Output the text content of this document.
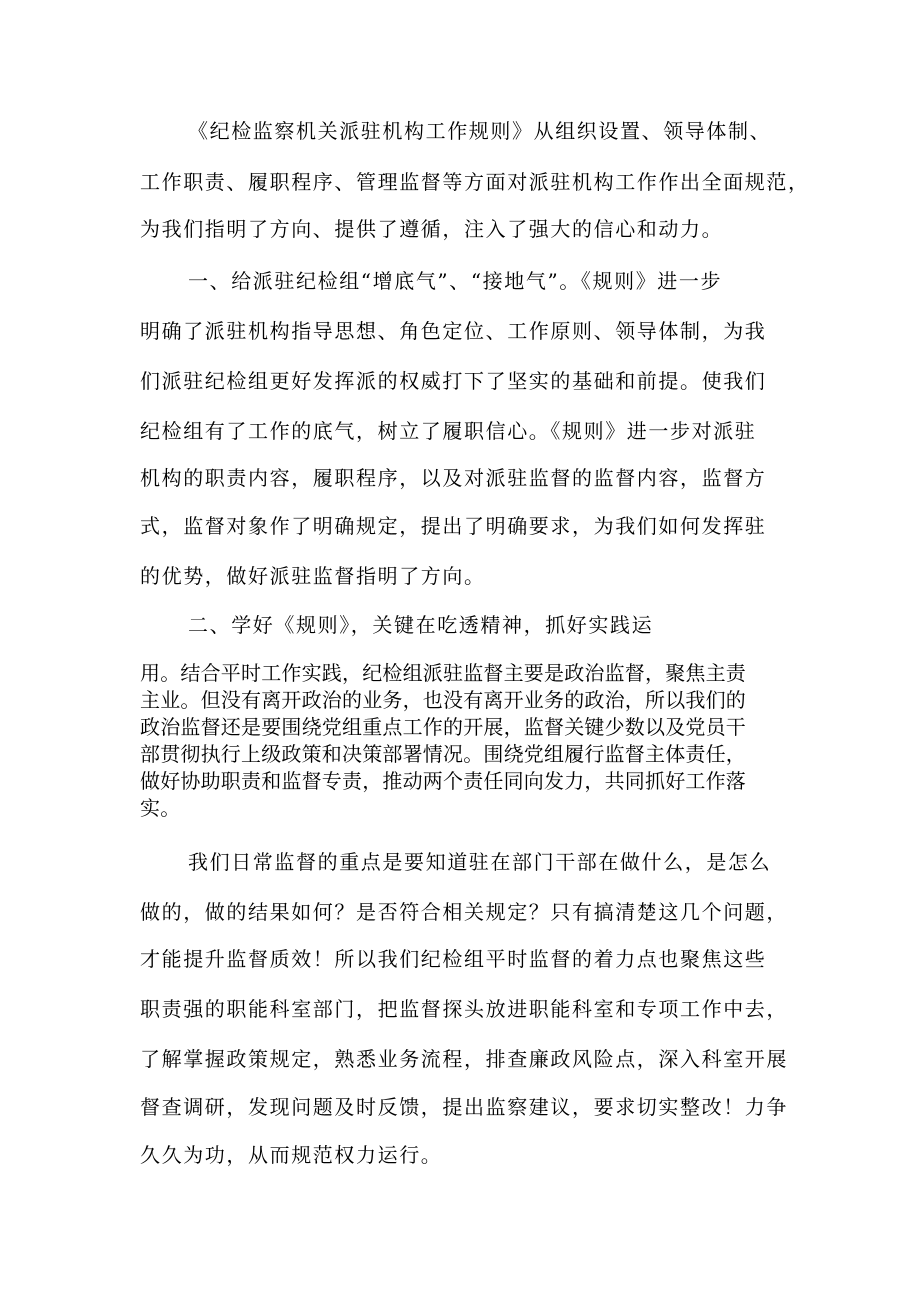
《纪检监察机关派驻机构工作规则》从组织设置、领导体制、
工作职责、履职程序、管理监督等方面对派驻机构工作作出全面规范，
为我们指明了方向、提供了遵循，注入了强大的信心和动力。
一、给派驻纪检组“增底气”、“接地气”。《规则》进一步
明确了派驻机构指导思想、角色定位、工作原则、领导体制，为我
们派驻纪检组更好发挥派的权威打下了坚实的基础和前提。使我们
纪检组有了工作的底气，树立了履职信心。《规则》进一步对派驻
机构的职责内容，履职程序，以及对派驻监督的监督内容，监督方
式，监督对象作了明确规定，提出了明确要求，为我们如何发挥驻
的优势，做好派驻监督指明了方向。
二、学好《规则》，关键在吃透精神，抓好实践运
用。结合平时工作实践，纪检组派驻监督主要是政治监督，聚焦主责
主业。但没有离开政治的业务，也没有离开业务的政治，所以我们的
政治监督还是要围绕党组重点工作的开展，监督关键少数以及党员干
部贯彻执行上级政策和决策部署情况。围绕党组履行监督主体责任，
做好协助职责和监督专责，推动两个责任同向发力，共同抓好工作落
实。
我们日常监督的重点是要知道驻在部门干部在做什么，是怎么
做的，做的结果如何？是否符合相关规定？只有搞清楚这几个问题，
才能提升监督质效！所以我们纪检组平时监督的着力点也聚焦这些
职责强的职能科室部门，把监督探头放进职能科室和专项工作中去，
了解掌握政策规定，熟悉业务流程，排查廉政风险点，深入科室开展
督查调研，发现问题及时反馈，提出监察建议，要求切实整改！力争
久久为功，从而规范权力运行。
